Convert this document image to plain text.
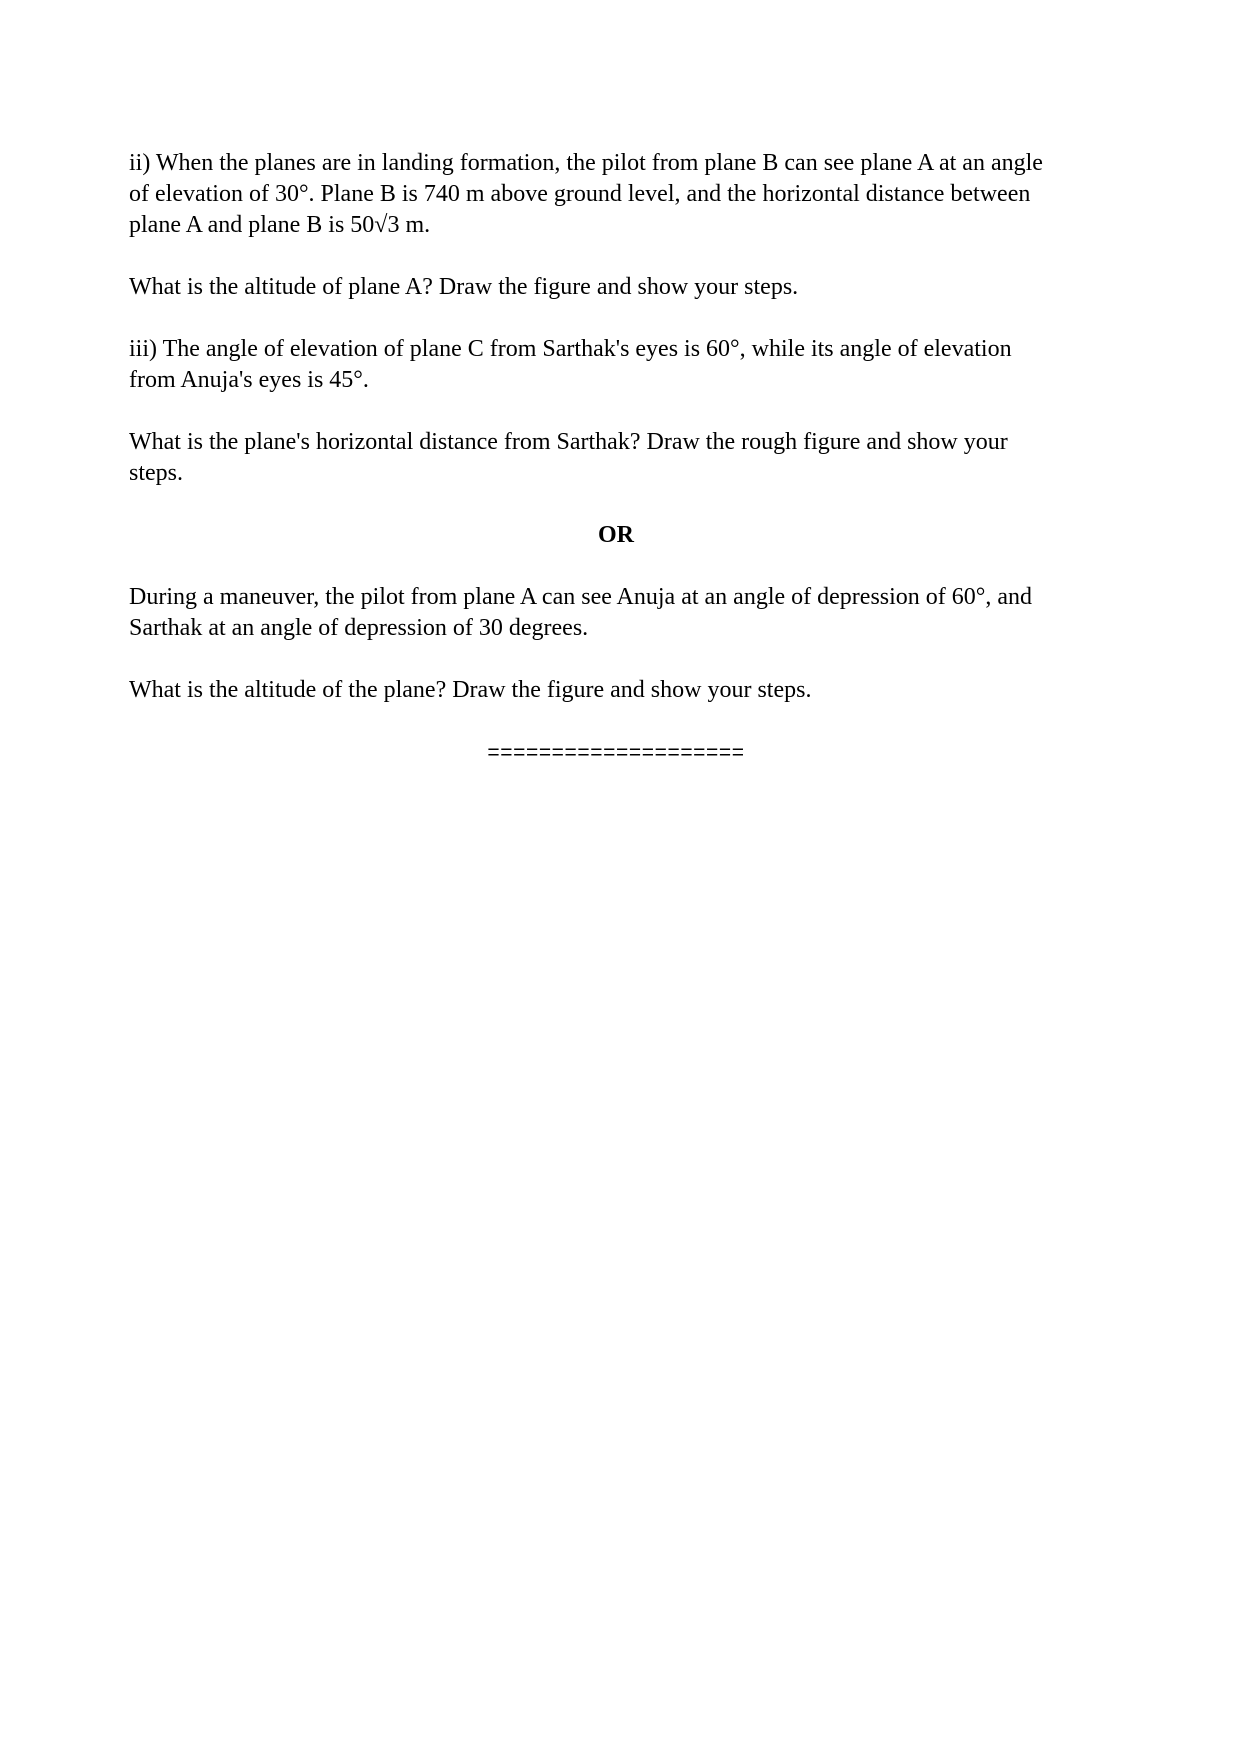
ii) When the planes are in landing formation, the pilot from plane B can see plane A at an angle
of elevation of 30°. Plane B is 740 m above ground level, and the horizontal distance between
plane A and plane B is 50√3 m.

What is the altitude of plane A? Draw the figure and show your steps.

iii) The angle of elevation of plane C from Sarthak's eyes is 60°, while its angle of elevation
from Anuja's eyes is 45°.

What is the plane's horizontal distance from Sarthak? Draw the rough figure and show your
steps.

OR

During a maneuver, the pilot from plane A can see Anuja at an angle of depression of 60°, and
Sarthak at an angle of depression of 30 degrees.

What is the altitude of the plane? Draw the figure and show your steps.

====================
